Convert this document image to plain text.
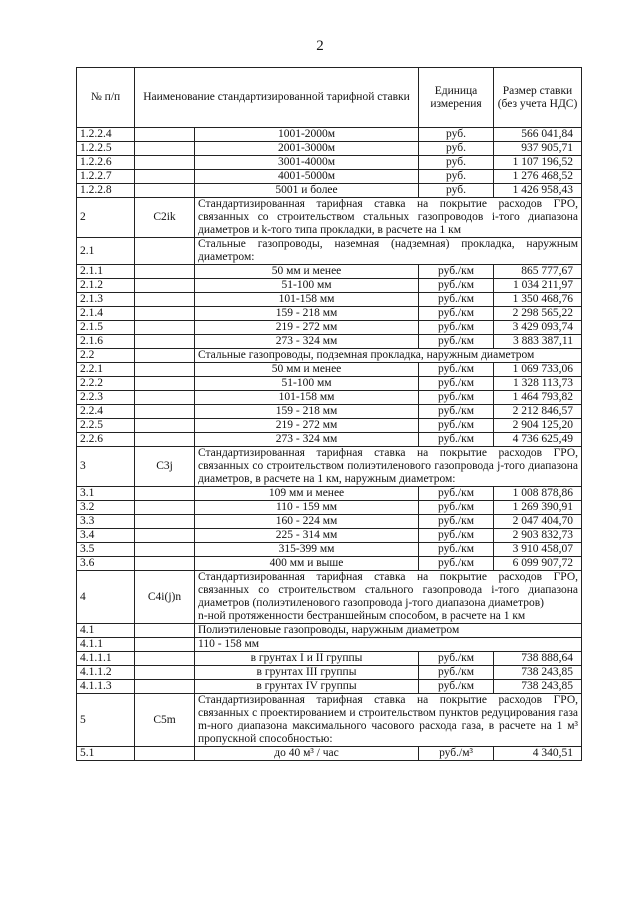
2
№ п/п	Наименование стандартизированной тарифной ставки		Единица измерения	Размер ставки (без учета НДС)
1.2.2.4		1001-2000м	руб.	566 041,84
1.2.2.5		2001-3000м	руб.	937 905,71
1.2.2.6		3001-4000м	руб.	1 107 196,52
1.2.2.7		4001-5000м	руб.	1 276 468,52
1.2.2.8		5001 и более	руб.	1 426 958,43
2	C2ik	Стандартизированная тарифная ставка на покрытие расходов ГРО, связанных со строительством стальных газопроводов i-того диапазона диаметров и k-того типа прокладки, в расчете на 1 км		
2.1		Стальные газопроводы, наземная (надземная) прокладка, наружным диаметром:		
2.1.1		50 мм и менее	руб./км	865 777,67
2.1.2		51-100 мм	руб./км	1 034 211,97
2.1.3		101-158 мм	руб./км	1 350 468,76
2.1.4		159 - 218 мм	руб./км	2 298 565,22
2.1.5		219 - 272 мм	руб./км	3 429 093,74
2.1.6		273 - 324 мм	руб./км	3 883 387,11
2.2		Стальные газопроводы, подземная прокладка, наружным диаметром		
2.2.1		50 мм и менее	руб./км	1 069 733,06
2.2.2		51-100 мм	руб./км	1 328 113,73
2.2.3		101-158 мм	руб./км	1 464 793,82
2.2.4		159 - 218 мм	руб./км	2 212 846,57
2.2.5		219 - 272 мм	руб./км	2 904 125,20
2.2.6		273 - 324 мм	руб./км	4 736 625,49
3	C3j	Стандартизированная тарифная ставка на покрытие расходов ГРО, связанных со строительством полиэтиленового газопровода j-того диапазона диаметров, в расчете на 1 км, наружным диаметром:		
3.1		109 мм и менее	руб./км	1 008 878,86
3.2		110 - 159 мм	руб./км	1 269 390,91
3.3		160 - 224 мм	руб./км	2 047 404,70
3.4		225 - 314 мм	руб./км	2 903 832,73
3.5		315-399 мм	руб./км	3 910 458,07
3.6		400 мм и выше	руб./км	6 099 907,72
4	C4i(j)n	Стандартизированная тарифная ставка на покрытие расходов ГРО, связанных со строительством стального газопровода i-того диапазона диаметров (полиэтиленового газопровода j-того диапазона диаметров)
n-ной протяженности бестраншейным способом, в расчете на 1 км		
4.1		Полиэтиленовые газопроводы, наружным диаметром		
4.1.1		110 - 158 мм		
4.1.1.1		в грунтах I и II группы	руб./км	738 888,64
4.1.1.2		в грунтах III группы	руб./км	738 243,85
4.1.1.3		в грунтах IV группы	руб./км	738 243,85
5	C5m	Стандартизированная тарифная ставка на покрытие расходов ГРО, связанных с проектированием и строительством пунктов редуцирования газа m-ного диапазона максимального часового расхода газа, в расчете на 1 м³ пропускной способностью:		
5.1		до 40 м³ / час	руб./м³	4 340,51
